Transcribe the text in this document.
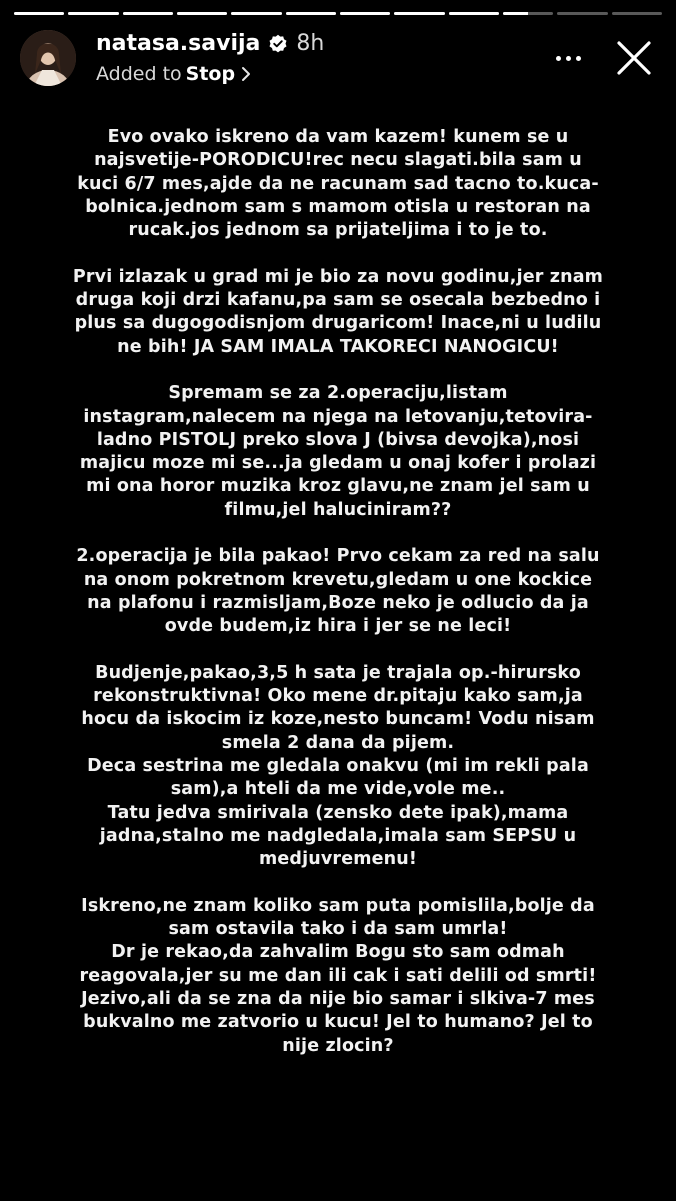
natasa.savija 8h
Added to Stop
Evo ovako iskreno da vam kazem! kunem se u
najsvetije-PORODICU!rec necu slagati.bila sam u
kuci 6/7 mes,ajde da ne racunam sad tacno to.kuca-
bolnica.jednom sam s mamom otisla u restoran na
rucak.jos jednom sa prijateljima i to je to.
Prvi izlazak u grad mi je bio za novu godinu,jer znam
druga koji drzi kafanu,pa sam se osecala bezbedno i
plus sa dugogodisnjom drugaricom! Inace,ni u ludilu
ne bih! JA SAM IMALA TAKORECI NANOGICU!
Spremam se za 2.operaciju,listam
instagram,nalecem na njega na letovanju,tetovira-
ladno PISTOLJ preko slova J (bivsa devojka),nosi
majicu moze mi se...ja gledam u onaj kofer i prolazi
mi ona horor muzika kroz glavu,ne znam jel sam u
filmu,jel haluciniram??
2.operacija je bila pakao! Prvo cekam za red na salu
na onom pokretnom krevetu,gledam u one kockice
na plafonu i razmisljam,Boze neko je odlucio da ja
ovde budem,iz hira i jer se ne leci!
Budjenje,pakao,3,5 h sata je trajala op.-hirursko
rekonstruktivna! Oko mene dr.pitaju kako sam,ja
hocu da iskocim iz koze,nesto buncam! Vodu nisam
smela 2 dana da pijem.
Deca sestrina me gledala onakvu (mi im rekli pala
sam),a hteli da me vide,vole me..
Tatu jedva smirivala (zensko dete ipak),mama
jadna,stalno me nadgledala,imala sam SEPSU u
medjuvremenu!
Iskreno,ne znam koliko sam puta pomislila,bolje da
sam ostavila tako i da sam umrla!
Dr je rekao,da zahvalim Bogu sto sam odmah
reagovala,jer su me dan ili cak i sati delili od smrti!
Jezivo,ali da se zna da nije bio samar i slkiva-7 mes
bukvalno me zatvorio u kucu! Jel to humano? Jel to
nije zlocin?
